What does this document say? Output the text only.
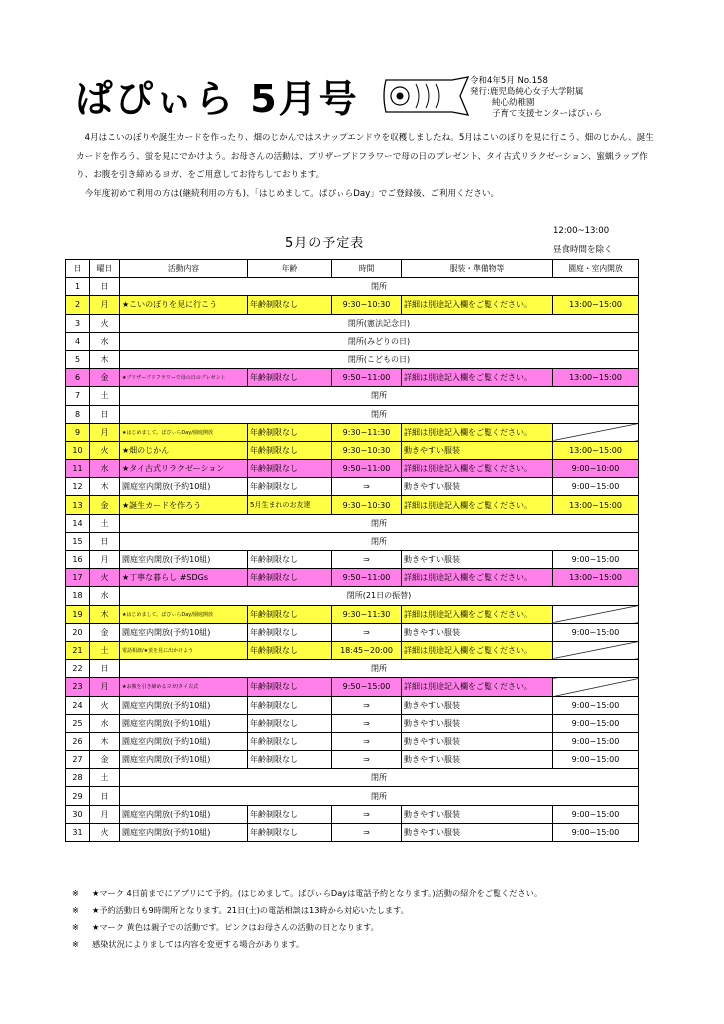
ぱぴぃら 5月号	令和4年5月 No.158
発行:鹿児島純心女子大学附属
純心幼稚園
子育て支援センターぱぴぃら

4月はこいのぼりや誕生カードを作ったり、畑のじかんではスナップエンドウを収穫しましたね。5月はこいのぼりを見に行こう、畑のじかん、誕生カードを作ろう、蛍を見にでかけよう。お母さんの活動は、プリザーブドフラワーで母の日のプレゼント、タイ古式リラクゼーション、蜜蝋ラップ作り、お腹を引き締めるヨガ、をご用意してお待ちしております。

今年度初めて利用の方は(継続利用の方も)、「はじめまして。ぱぴぃらDay」でご登録後、ご利用ください。

5月の予定表
12:00~13:00
昼食時間を除く
日	曜日	活動内容	年齢	時間	服装・準備物等	園庭・室内開放	
1	日	閉所					
2	月	★こいのぼりを見に行こう	年齢制限なし	9:30~10:30	詳細は別途記入欄をご覧ください。	13:00~15:00	
3	火	閉所(憲法記念日)					
4	水	閉所(みどりの日)					
5	木	閉所(こどもの日)					
6	金	★プリザーブドフラワーで母の日のプレゼント	年齢制限なし	9:50~11:00	詳細は別途記入欄をご覧ください。	13:00~15:00	
7	土	閉所					
8	日	閉所					
9	月	★はじめまして。ぱぴぃらDay/園庭開放	年齢制限なし	9:30~11:30	詳細は別途記入欄をご覧ください。		
10	火	★畑のじかん	年齢制限なし	9:30~10:30	動きやすい服装	13:00~15:00	
11	水	★タイ古式リラクゼーション	年齢制限なし	9:50~11:00	詳細は別途記入欄をご覧ください。	9:00~10:00	
12	木	園庭室内開放(予約10組)	年齢制限なし	⇒	動きやすい服装	9:00~15:00	
13	金	★誕生カードを作ろう	5月生まれのお友達	9:30~10:30	詳細は別途記入欄をご覧ください。	13:00~15:00	
14	土	閉所					
15	日	閉所					
16	月	園庭室内開放(予約10組)	年齢制限なし	⇒	動きやすい服装	9:00~15:00	
17	火	★丁寧な暮らし #SDGs	年齢制限なし	9:50~11:00	詳細は別途記入欄をご覧ください。	13:00~15:00	
18	水	閉所(21日の振替)					
19	木	★はじめまして。ぱぴぃらDay/園庭開放	年齢制限なし	9:30~11:30	詳細は別途記入欄をご覧ください。		
20	金	園庭室内開放(予約10組)	年齢制限なし	⇒	動きやすい服装	9:00~15:00	
21	土	電話相談/★蛍を見に出かけよう	年齢制限なし	18:45~20:00	詳細は別途記入欄をご覧ください。		
22	日	閉所					
23	月	★お腹を引き締めるヨガ/タイ古式	年齢制限なし	9:50~15:00	詳細は別途記入欄をご覧ください。		
24	火	園庭室内開放(予約10組)	年齢制限なし	⇒	動きやすい服装	9:00~15:00	
25	水	園庭室内開放(予約10組)	年齢制限なし	⇒	動きやすい服装	9:00~15:00	
26	木	園庭室内開放(予約10組)	年齢制限なし	⇒	動きやすい服装	9:00~15:00	
27	金	園庭室内開放(予約10組)	年齢制限なし	⇒	動きやすい服装	9:00~15:00	
28	土	閉所					
29	日	閉所					
30	月	園庭室内開放(予約10組)	年齢制限なし	⇒	動きやすい服装	9:00~15:00	
31	火	園庭室内開放(予約10組)	年齢制限なし	⇒	動きやすい服装	9:00~15:00	
※ ★マーク 4日前までにアプリにて予約。(はじめまして。ぱぴぃらDayは電話予約となります。)活動の紹介をご覧ください。
※ ★予約活動日も9時開所となります。21日(土)の電話相談は13時から対応いたします。
※ ★マーク 黄色は親子での活動です。ピンクはお母さんの活動の日となります。
※ 感染状況によりましては内容を変更する場合があります。
